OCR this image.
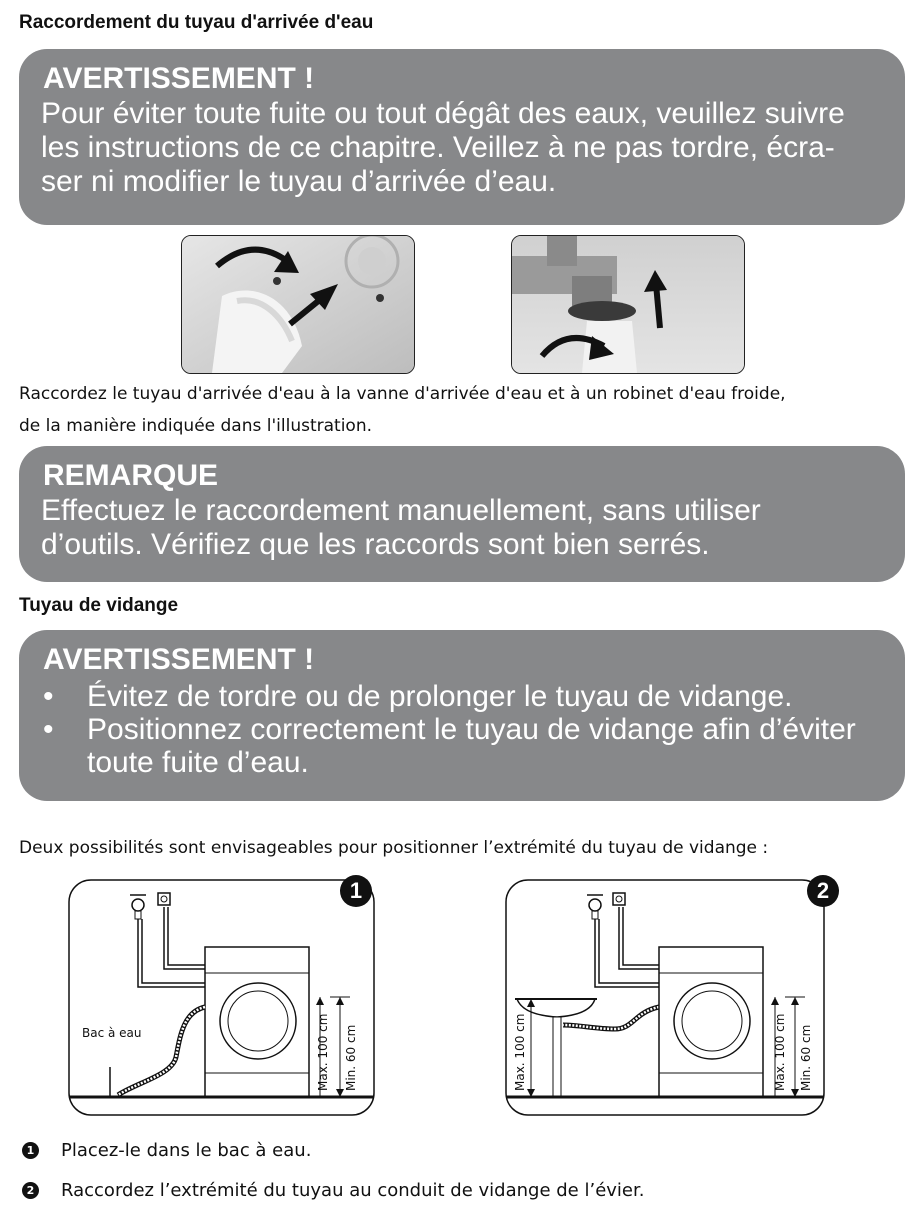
Raccordement du tuyau d'arrivée d'eau
AVERTISSEMENT !
Pour éviter toute fuite ou tout dégât des eaux, veuillez suivre
les instructions de ce chapitre. Veillez à ne pas tordre, écra-
ser ni modifier le tuyau d’arrivée d’eau.
Raccordez le tuyau d'arrivée d'eau à la vanne d'arrivée d'eau et à un robinet d'eau froide,
de la manière indiquée dans l'illustration.
REMARQUE
Effectuez le raccordement manuellement, sans utiliser
d’outils. Vérifiez que les raccords sont bien serrés.
Tuyau de vidange
AVERTISSEMENT !
•	Évitez de tordre ou de prolonger le tuyau de vidange.
•	Positionnez correctement le tuyau de vidange afin d’éviter
toute fuite d’eau.
Deux possibilités sont envisageables pour positionner l’extrémité du tuyau de vidange :
1
Bac à eau	Max. 100 cm Min. 60 cm
2
Max. 100 cm	Max. 100 cm Min. 60 cm
1 Placez-le dans le bac à eau.
2 Raccordez l’extrémité du tuyau au conduit de vidange de l’évier.
